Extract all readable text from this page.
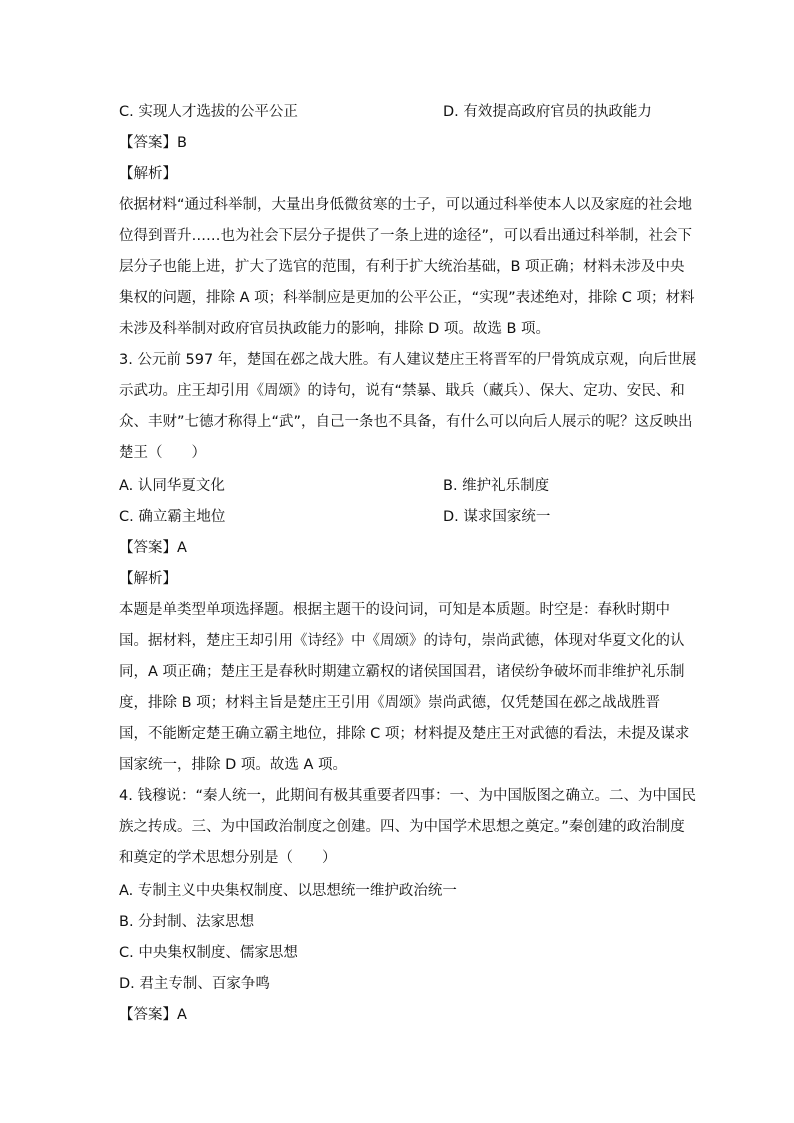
C. 实现人才选拔的公平公正	D. 有效提高政府官员的执政能力
【答案】B
【解析】
依据材料“通过科举制，大量出身低微贫寒的士子，可以通过科举使本人以及家庭的社会地
位得到晋升……也为社会下层分子提供了一条上进的途径”，可以看出通过科举制，社会下
层分子也能上进，扩大了选官的范围，有利于扩大统治基础，B 项正确；材料未涉及中央
集权的问题，排除 A 项；科举制应是更加的公平公正，“实现”表述绝对，排除 C 项；材料
未涉及科举制对政府官员执政能力的影响，排除 D 项。故选 B 项。
3. 公元前 597 年，楚国在邲之战大胜。有人建议楚庄王将晋军的尸骨筑成京观，向后世展
示武功。庄王却引用《周颂》的诗句，说有“禁暴、戢兵（藏兵）、保大、定功、安民、和
众、丰财”七德才称得上“武”，自己一条也不具备，有什么可以向后人展示的呢？这反映出
楚王（　　）
A. 认同华夏文化	B. 维护礼乐制度
C. 确立霸主地位	D. 谋求国家统一
【答案】A
【解析】
本题是单类型单项选择题。根据主题干的设问词，可知是本质题。时空是：春秋时期中
国。据材料，楚庄王却引用《诗经》中《周颂》的诗句，崇尚武德，体现对华夏文化的认
同，A 项正确；楚庄王是春秋时期建立霸权的诸侯国国君，诸侯纷争破坏而非维护礼乐制
度，排除 B 项；材料主旨是楚庄王引用《周颂》崇尚武德，仅凭楚国在邲之战战胜晋
国，不能断定楚王确立霸主地位，排除 C 项；材料提及楚庄王对武德的看法，未提及谋求
国家统一，排除 D 项。故选 A 项。
4. 钱穆说：“秦人统一，此期间有极其重要者四事：一、为中国版图之确立。二、为中国民
族之抟成。三、为中国政治制度之创建。四、为中国学术思想之奠定。”秦创建的政治制度
和奠定的学术思想分别是（　　）
A. 专制主义中央集权制度、以思想统一维护政治统一
B. 分封制、法家思想
C. 中央集权制度、儒家思想
D. 君主专制、百家争鸣
【答案】A
